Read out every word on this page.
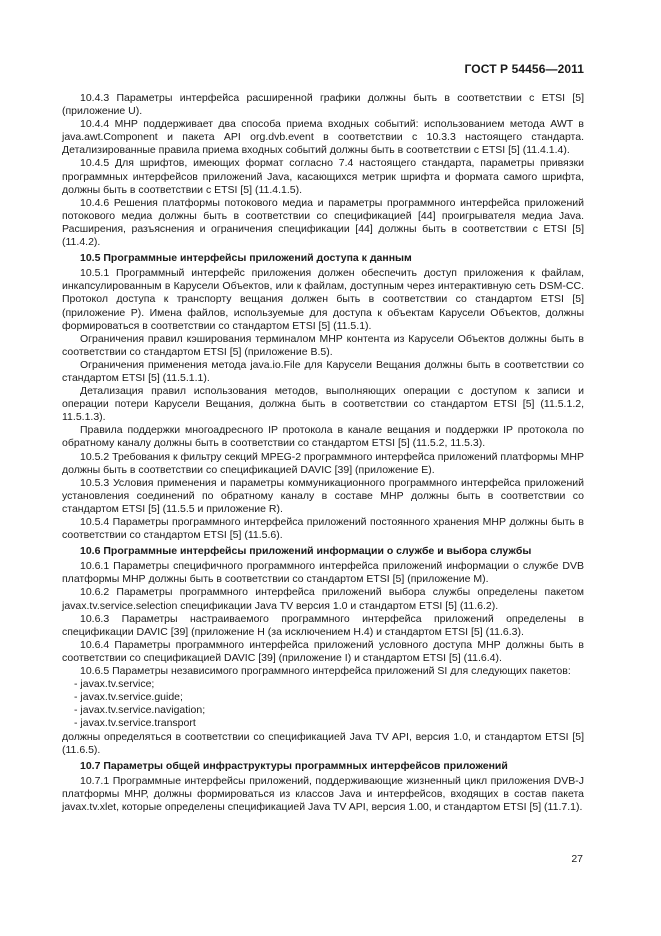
ГОСТ Р 54456—2011

10.4.3 Параметры интерфейса расширенной графики должны быть в соответствии с ETSI [5] (приложение U).

10.4.4 МНР поддерживает два способа приема входных событий: использованием метода AWT в java.awt.Component и пакета API org.dvb.event в соответствии с 10.3.3 настоящего стандарта. Детализированные правила приема входных событий должны быть в соответствии с ETSI [5] (11.4.1.4).

10.4.5 Для шрифтов, имеющих формат согласно 7.4 настоящего стандарта, параметры привязки программных интерфейсов приложений Java, касающихся метрик шрифта и формата самого шрифта, должны быть в соответствии с ETSI [5] (11.4.1.5).

10.4.6 Решения платформы потокового медиа и параметры программного интерфейса приложений потокового медиа должны быть в соответствии со спецификацией [44] проигрывателя медиа Java. Расширения, разъяснения и ограничения спецификации [44] должны быть в соответствии с ETSI [5] (11.4.2).

10.5 Программные интерфейсы приложений доступа к данным

10.5.1 Программный интерфейс приложения должен обеспечить доступ приложения к файлам, инкапсулированным в Карусели Объектов, или к файлам, доступным через интерактивную сеть DSM-CC. Протокол доступа к транспорту вещания должен быть в соответствии со стандартом ETSI [5] (приложение Р). Имена файлов, используемые для доступа к объектам Карусели Объектов, должны формироваться в соответствии со стандартом ETSI [5] (11.5.1).

Ограничения правил кэширования терминалом МНР контента из Карусели Объектов должны быть в соответствии со стандартом ETSI [5] (приложение В.5).

Ограничения применения метода java.io.File для Карусели Вещания должны быть в соответствии со стандартом ETSI [5] (11.5.1.1).

Детализация правил использования методов, выполняющих операции с доступом к записи и операции потери Карусели Вещания, должна быть в соответствии со стандартом ETSI [5] (11.5.1.2, 11.5.1.3).

Правила поддержки многоадресного IP протокола в канале вещания и поддержки IP протокола по обратному каналу должны быть в соответствии со стандартом ETSI [5] (11.5.2, 11.5.3).

10.5.2 Требования к фильтру секций MPEG-2 программного интерфейса приложений платформы МНР должны быть в соответствии со спецификацией DAVIC [39] (приложение Е).

10.5.3 Условия применения и параметры коммуникационного программного интерфейса приложений установления соединений по обратному каналу в составе МНР должны быть в соответствии со стандартом ETSI [5] (11.5.5 и приложение R).

10.5.4 Параметры программного интерфейса приложений постоянного хранения МНР должны быть в соответствии со стандартом ETSI [5] (11.5.6).

10.6 Программные интерфейсы приложений информации о службе и выбора службы

10.6.1 Параметры специфичного программного интерфейса приложений информации о службе DVB платформы МНР должны быть в соответствии со стандартом ETSI [5] (приложение М).

10.6.2 Параметры программного интерфейса приложений выбора службы определены пакетом javax.tv.service.selection спецификации Java TV версия 1.0 и стандартом ETSI [5] (11.6.2).

10.6.3 Параметры настраиваемого программного интерфейса приложений определены в спецификации DAVIC [39] (приложение Н (за исключением Н.4) и стандартом ETSI [5] (11.6.3).

10.6.4 Параметры программного интерфейса приложений условного доступа МНР должны быть в соответствии со спецификацией DAVIC [39] (приложение I) и стандартом ETSI [5] (11.6.4).

10.6.5 Параметры независимого программного интерфейса приложений SI для следующих пакетов:

- javax.tv.service;

- javax.tv.service.guide;

- javax.tv.service.navigation;

- javax.tv.service.transport

должны определяться в соответствии со спецификацией Java TV API, версия 1.0, и стандартом ETSI [5] (11.6.5).

10.7 Параметры общей инфраструктуры программных интерфейсов приложений

10.7.1 Программные интерфейсы приложений, поддерживающие жизненный цикл приложения DVB-J платформы МНР, должны формироваться из классов Java и интерфейсов, входящих в состав пакета javax.tv.xlet, которые определены спецификацией Java TV API, версия 1.00, и стандартом ETSI [5] (11.7.1).

27
